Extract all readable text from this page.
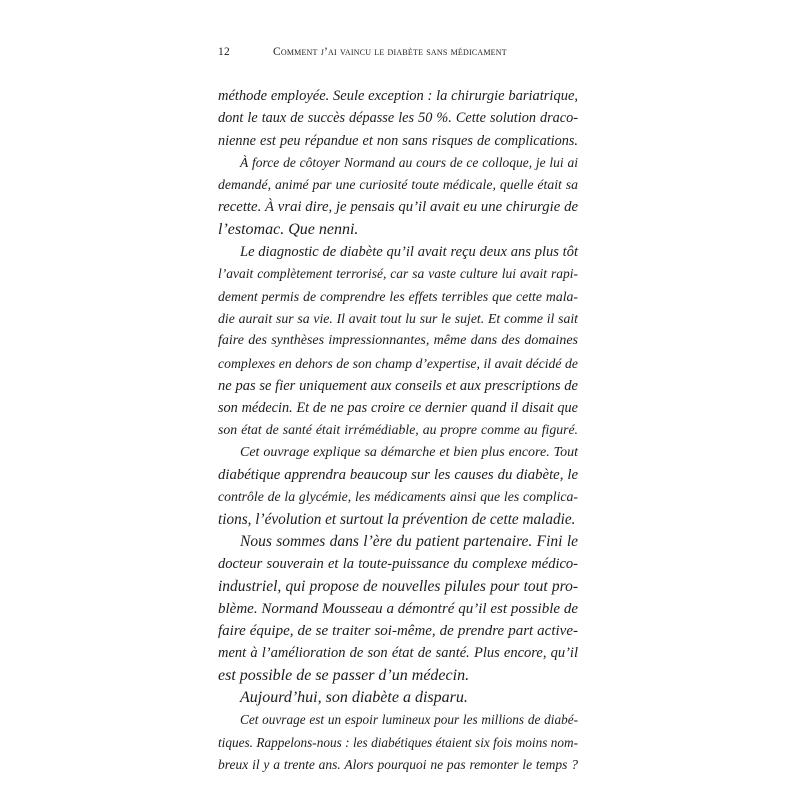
12	Comment j’ai vaincu le diabète sans médicament
méthode employée. Seule exception : la chirurgie bariatrique,
dont le taux de succès dépasse les 50 %. Cette solution draco-
nienne est peu répandue et non sans risques de complications.
À force de côtoyer Normand au cours de ce colloque, je lui ai
demandé, animé par une curiosité toute médicale, quelle était sa
recette. À vrai dire, je pensais qu’il avait eu une chirurgie de
l’estomac. Que nenni.
Le diagnostic de diabète qu’il avait reçu deux ans plus tôt
l’avait complètement terrorisé, car sa vaste culture lui avait rapi-
dement permis de comprendre les effets terribles que cette mala-
die aurait sur sa vie. Il avait tout lu sur le sujet. Et comme il sait
faire des synthèses impressionnantes, même dans des domaines
complexes en dehors de son champ d’expertise, il avait décidé de
ne pas se fier uniquement aux conseils et aux prescriptions de
son médecin. Et de ne pas croire ce dernier quand il disait que
son état de santé était irrémédiable, au propre comme au figuré.
Cet ouvrage explique sa démarche et bien plus encore. Tout
diabétique apprendra beaucoup sur les causes du diabète, le
contrôle de la glycémie, les médicaments ainsi que les complica-
tions, l’évolution et surtout la prévention de cette maladie.
Nous sommes dans l’ère du patient partenaire. Fini le
docteur souverain et la toute-puissance du complexe médico-
industriel, qui propose de nouvelles pilules pour tout pro-
blème. Normand Mousseau a démontré qu’il est possible de
faire équipe, de se traiter soi-même, de prendre part active-
ment à l’amélioration de son état de santé. Plus encore, qu’il
est possible de se passer d’un médecin.
Aujourd’hui, son diabète a disparu.
Cet ouvrage est un espoir lumineux pour les millions de diabé-
tiques. Rappelons-nous : les diabétiques étaient six fois moins nom-
breux il y a trente ans. Alors pourquoi ne pas remonter le temps ?
